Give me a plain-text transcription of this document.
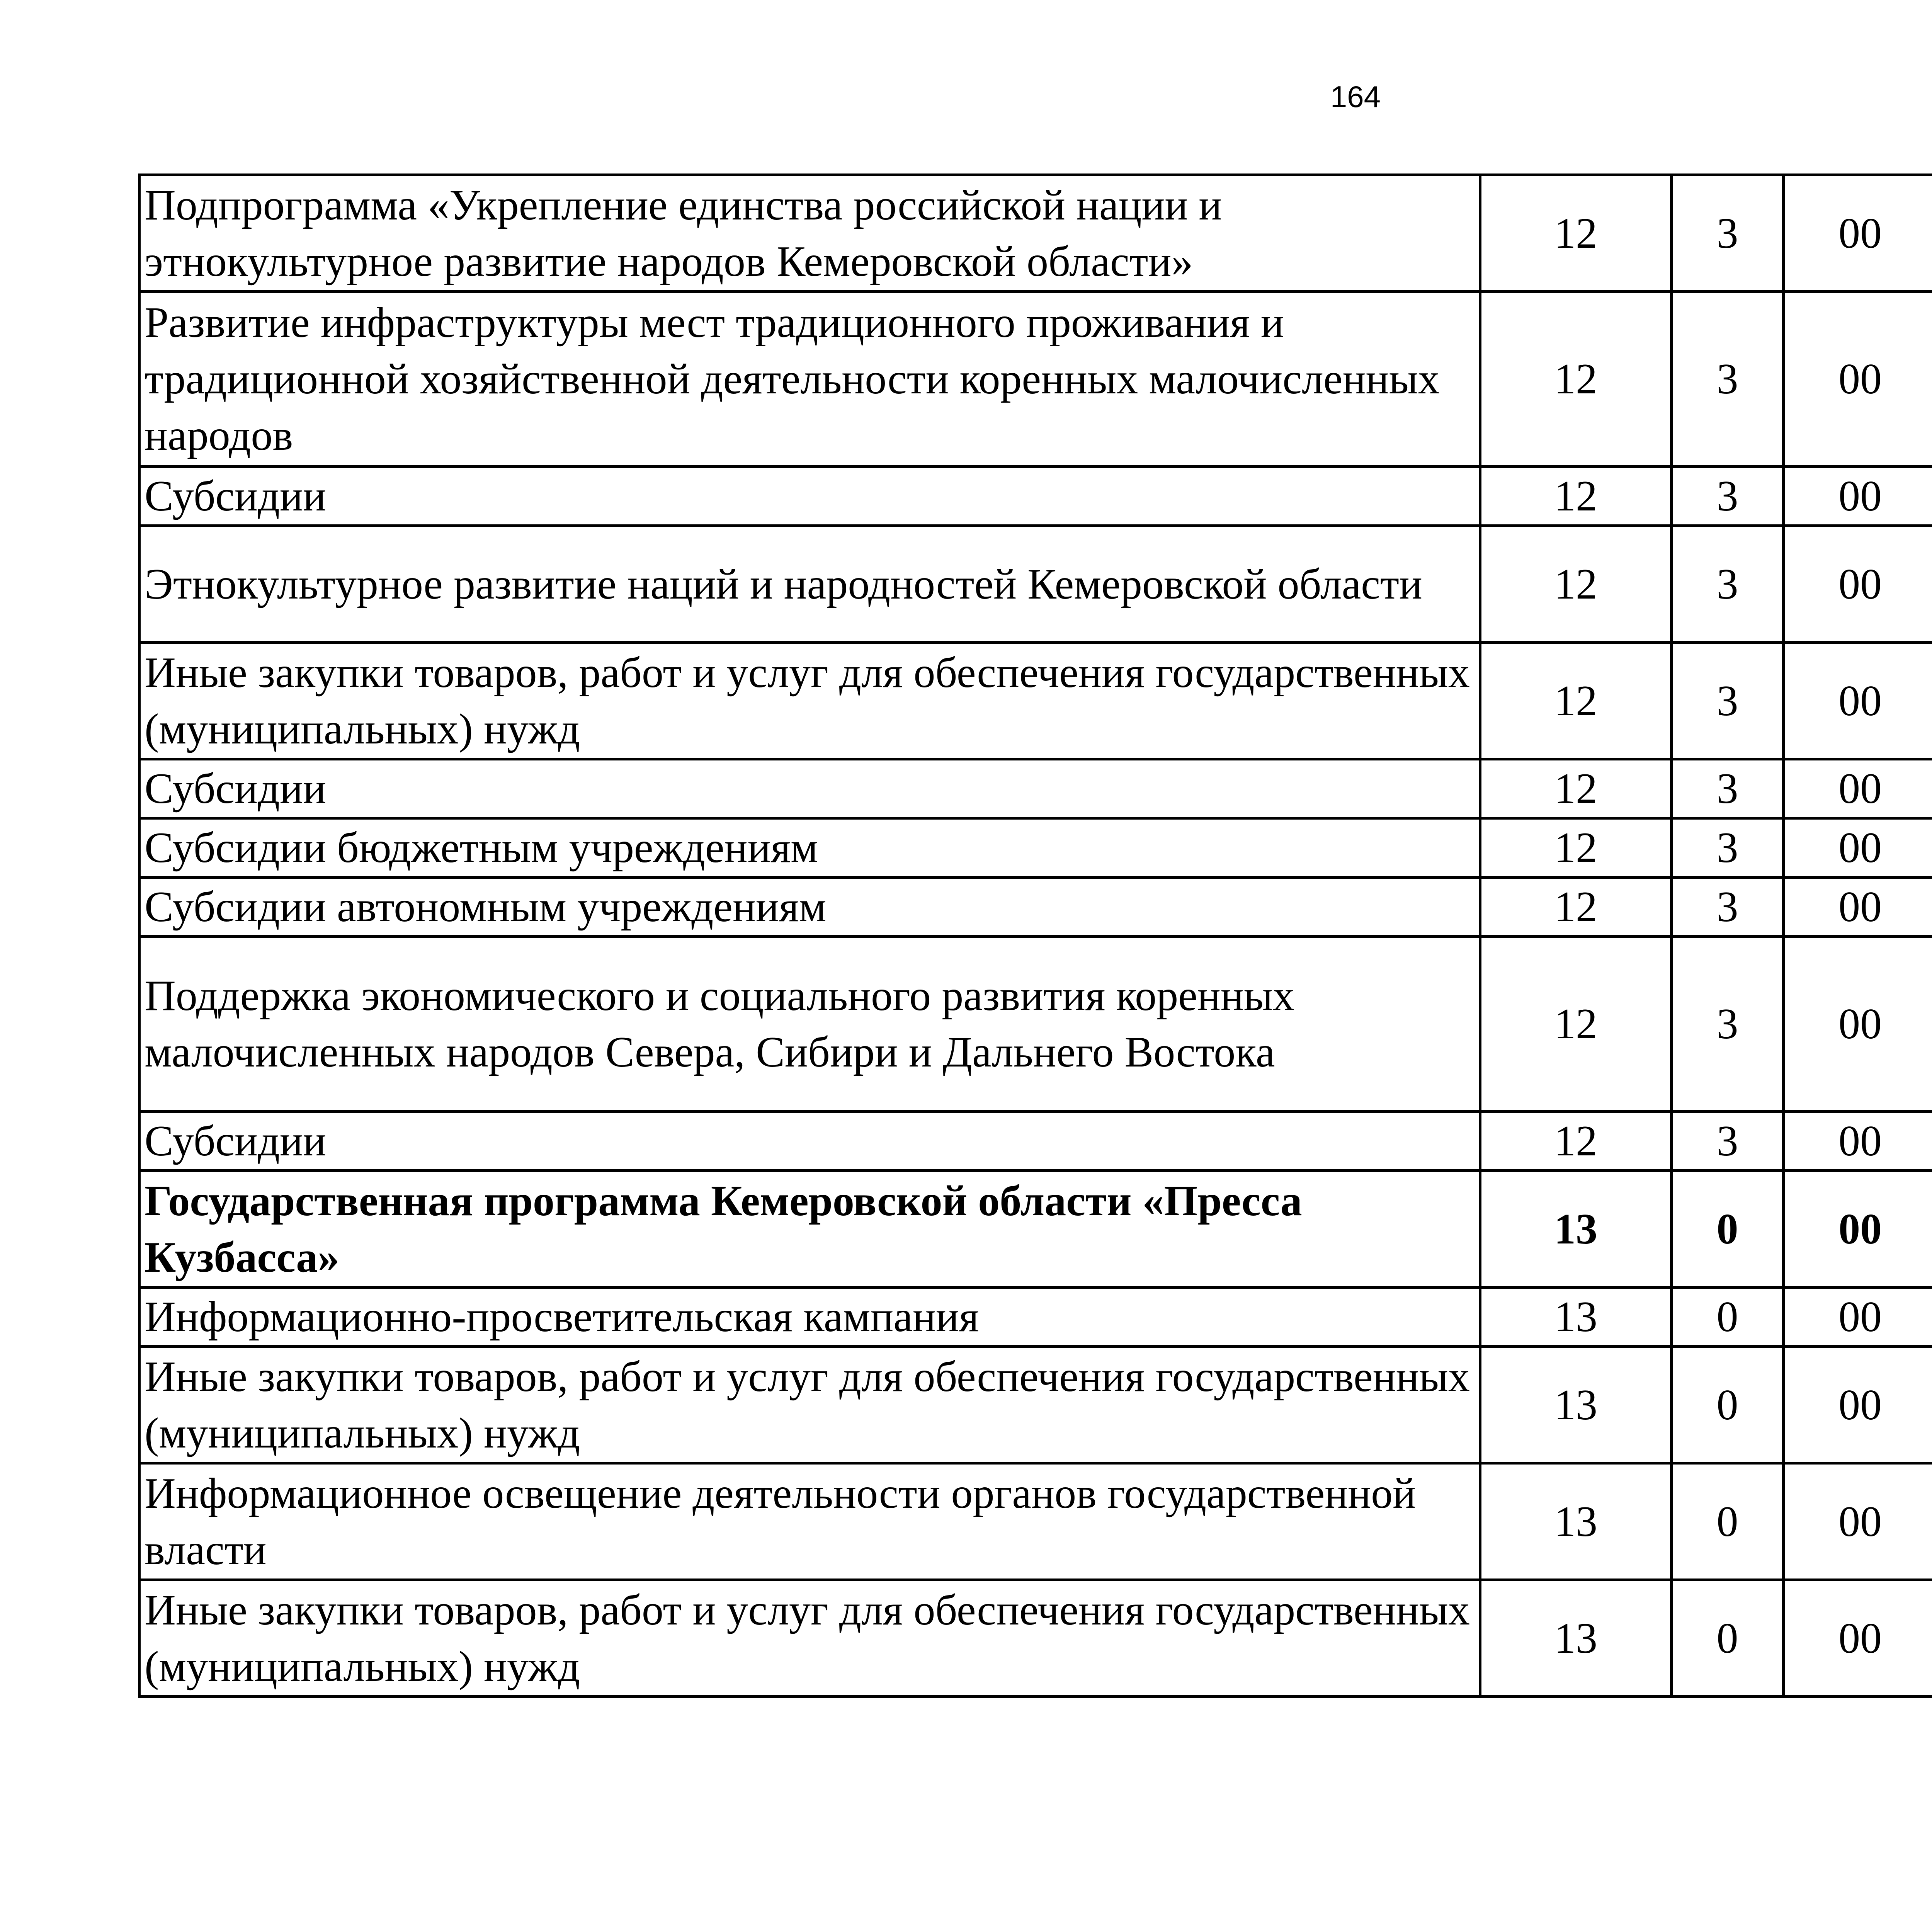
164
Подпрограмма «Укрепление единства российской нации и этнокультурное развитие народов Кемеровской области»	12	3	00			
Развитие инфраструктуры мест традиционного проживания и традиционной хозяйственной деятельности коренных малочисленных народов	12	3	00			
Субсидии	12	3	00			
Этнокультурное развитие наций и народностей Кемеровской области	12	3	00			
Иные закупки товаров, работ и услуг для обеспечения государственных (муниципальных) нужд	12	3	00			
Субсидии	12	3	00			
Субсидии бюджетным учреждениям	12	3	00			
Субсидии автономным учреждениям	12	3	00			
Поддержка экономического и социального развития коренных малочисленных народов Севера, Сибири и Дальнего Востока	12	3	00			
Субсидии	12	3	00			
Государственная программа Кемеровской области «Пресса Кузбасса»	13	0	00			
Информационно-просветительская кампания	13	0	00			
Иные закупки товаров, работ и услуг для обеспечения государственных (муниципальных) нужд	13	0	00			
Информационное освещение деятельности органов государственной власти	13	0	00			
Иные закупки товаров, работ и услуг для обеспечения государственных (муниципальных) нужд	13	0	00			
